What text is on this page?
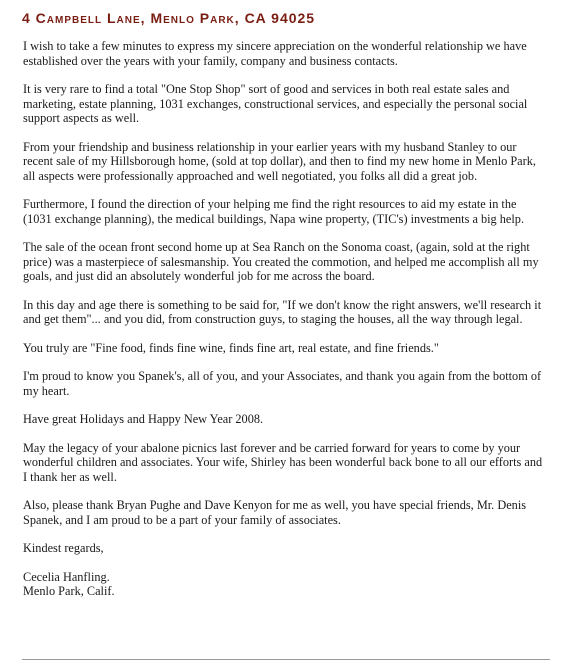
4 Campbell Lane, Menlo Park, CA 94025

I wish to take a few minutes to express my sincere appreciation on the wonderful relationship we have established over the years with your family, company and business contacts.

It is very rare to find a total "One Stop Shop" sort of good and services in both real estate sales and marketing, estate planning, 1031 exchanges, constructional services, and especially the personal social support aspects as well.

From your friendship and business relationship in your earlier years with my husband Stanley to our recent sale of my Hillsborough home, (sold at top dollar), and then to find my new home in Menlo Park, all aspects were professionally approached and well negotiated, you folks all did a great job.

Furthermore, I found the direction of your helping me find the right resources to aid my estate in the (1031 exchange planning), the medical buildings, Napa wine property, (TIC's) investments a big help.

The sale of the ocean front second home up at Sea Ranch on the Sonoma coast, (again, sold at the right price) was a masterpiece of salesmanship. You created the commotion, and helped me accomplish all my goals, and just did an absolutely wonderful job for me across the board.

In this day and age there is something to be said for, "If we don't know the right answers, we'll research it and get them"... and you did, from construction guys, to staging the houses, all the way through legal.

You truly are "Fine food, finds fine wine, finds fine art, real estate, and fine friends."

I'm proud to know you Spanek's, all of you, and your Associates, and thank you again from the bottom of my heart.

Have great Holidays and Happy New Year 2008.

May the legacy of your abalone picnics last forever and be carried forward for years to come by your wonderful children and associates. Your wife, Shirley has been wonderful back bone to all our efforts and I thank her as well.

Also, please thank Bryan Pughe and Dave Kenyon for me as well, you have special friends, Mr. Denis Spanek, and I am proud to be a part of your family of associates.

Kindest regards,

Cecelia Hanfling.

Menlo Park, Calif.
